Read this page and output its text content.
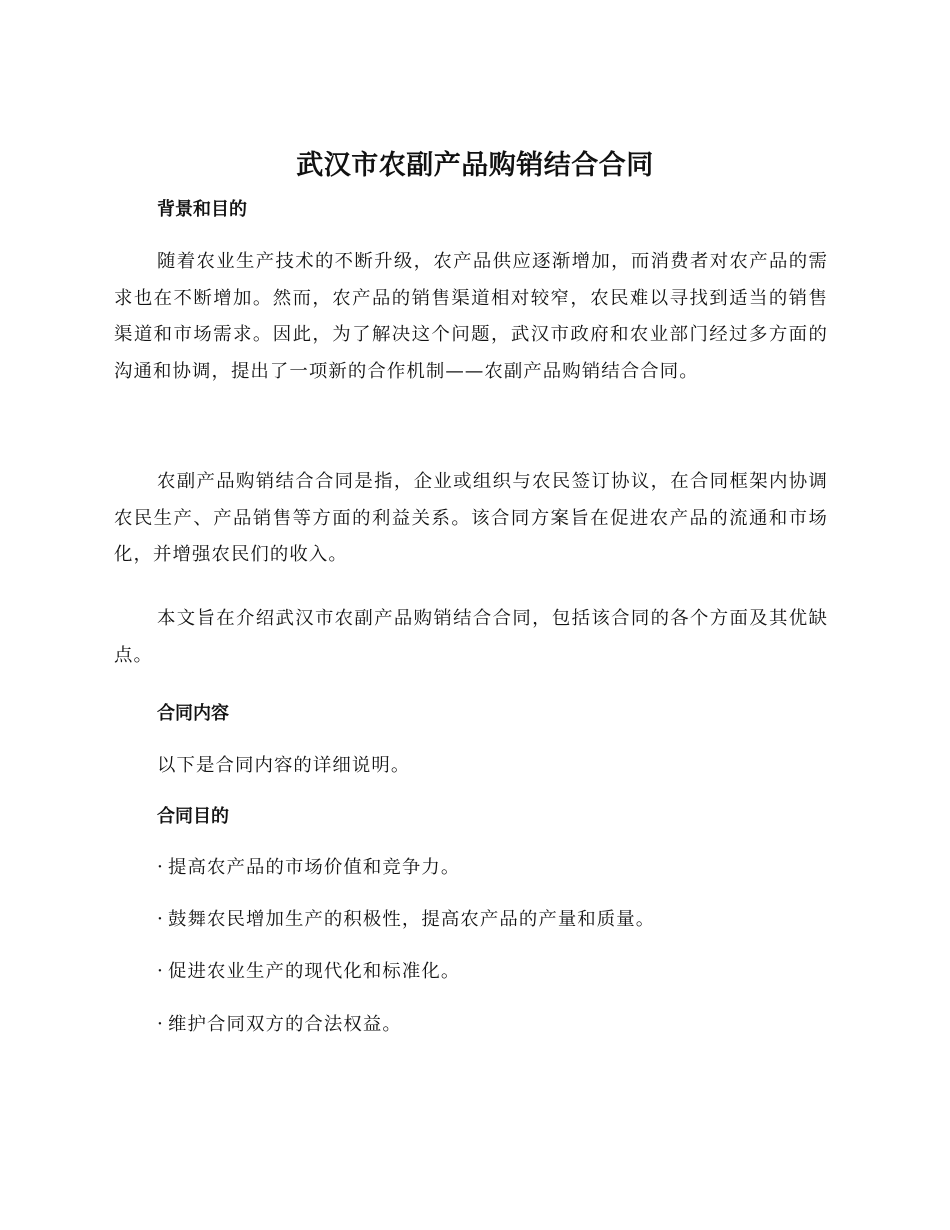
武汉市农副产品购销结合合同
背景和目的

随着农业生产技术的不断升级，农产品供应逐渐增加，而消费者对农产品的需求也在不断增加。然而，农产品的销售渠道相对较窄，农民难以寻找到适当的销售渠道和市场需求。因此，为了解决这个问题，武汉市政府和农业部门经过多方面的沟通和协调，提出了一项新的合作机制——农副产品购销结合合同。

农副产品购销结合合同是指，企业或组织与农民签订协议，在合同框架内协调农民生产、产品销售等方面的利益关系。该合同方案旨在促进农产品的流通和市场化，并增强农民们的收入。

本文旨在介绍武汉市农副产品购销结合合同，包括该合同的各个方面及其优缺点。

合同内容

以下是合同内容的详细说明。

合同目的

· 提高农产品的市场价值和竞争力。

· 鼓舞农民增加生产的积极性，提高农产品的产量和质量。

· 促进农业生产的现代化和标准化。

· 维护合同双方的合法权益。
